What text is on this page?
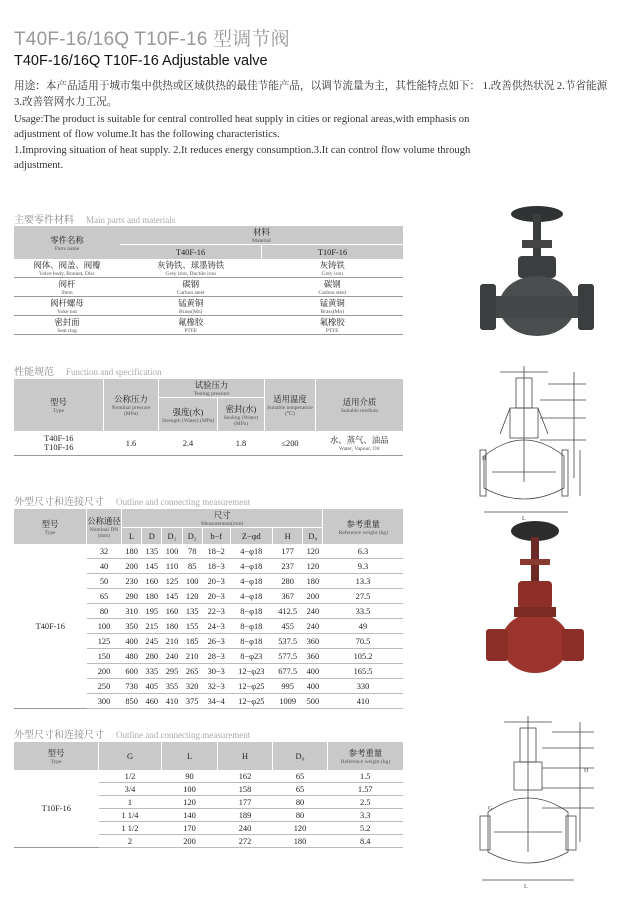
T40F-16/16Q T10F-16 型调节阀
T40F-16/16Q T10F-16 Adjustable valve
用途：本产品适用于城市集中供热或区域供热的最佳节能产品，以调节流量为主，其性能特点如下： 1.改善供热状况 2.节省能源
3.改善管网水力工况。
Usage:The product is suitable for central controlled heat supply in cities or regional areas,with emphasis on
adjustment of flow volume.It has the following characteristics.
1.Improving situation of heat supply. 2.It reduces energy consumption.3.It can control flow volume through
adjustment.
主要零件材料 Main parts and materials
零件名称
Parts name	材料
Material	

	T40F-16	T10F-16
阀体、阀盖、阀瓣
Valve body, Bonnet, Disc	灰铸铁、球墨铸铁
Grey iron, Ductile iron	灰铸铁
Grey iron

阀杆
Stem	碳钢
Carbon steel	碳钢
Carbon steel

阀杆螺母
Yoke nut	锰黄铜
Brass(Mn)	锰黄铜
Brass(Mn)

密封面
Seat ring	氟橡胶
PTFE	氟橡胶
PTFE
性能规范 Function and specification
型号
Type	公称压力
Nominal pressure (MPa)	试验压力
Testing pressure		适用温度
Suitable temperature (℃)	适用介质
Suitable medium

		强度(水)
Strength (Water) (MPa)	密封(水)
Sealing (Water) (MPa)		

T40F-16
T10F-16	1.6	2.4	1.8	≤200	水、蒸气、油品
Water, Vapour, Oil
H
L
外型尺寸和连接尺寸 Outline and connecting measurement
型号
Type	公称通径
Nominal DN (mm)	尺寸
Measurement(mm)								参考重量
Reference weight (kg)

		L	D	D₁	D₂	b−f	Z−φd	H	D₀	
T40F-16	32	180	135	100	78	18−2	4−φ18	177	120	6.3
	40	200	145	110	85	18−3	4−φ18	237	120	9.3
	50	230	160	125	100	20−3	4−φ18	280	180	13.3
	65	290	180	145	120	20−3	4−φ18	367	200	27.5
	80	310	195	160	135	22−3	8−φ18	412.5	240	33.5
	100	350	215	180	155	24−3	8−φ18	455	240	49
	125	400	245	210	185	26−3	8−φ18	537.5	360	70.5
	150	480	280	240	210	28−3	8−φ23	577.5	360	105.2
	200	600	335	295	265	30−3	12−φ23	677.5	400	165.5
	250	730	405	355	320	32−3	12−φ25	995	400	330
	300	850	460	410	375	34−4	12−φ25	1009	500	410
外型尺寸和连接尺寸 Outline and connecting measurement
型号
Type	G	L	H	D₀	参考重量
Reference weight (kg)

T10F-16	1/2	90	162	65	1.5
	3/4	100	158	65	1.57
	1	120	177	80	2.5
	1 1/4	140	189	80	3.3
	1 1/2	170	240	120	5.2
	2	200	272	180	8.4
G
L
H
